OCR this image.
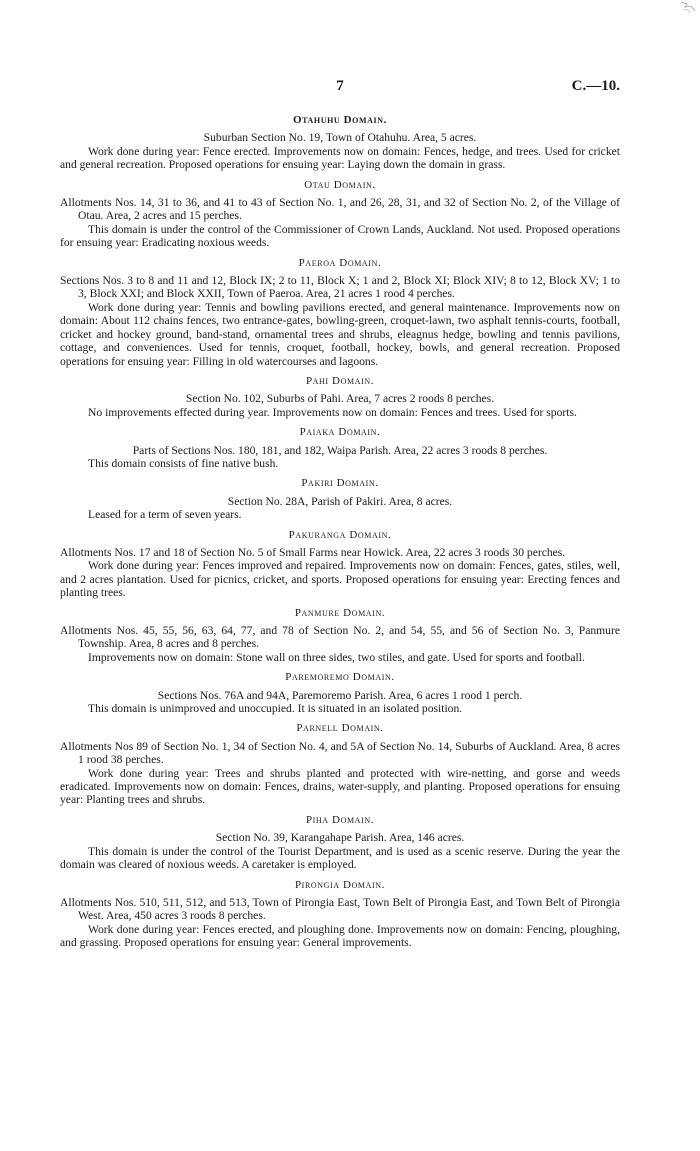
7	C.—10.
Otahuhu Domain.

Suburban Section No. 19, Town of Otahuhu. Area, 5 acres.

Work done during year: Fence erected. Improvements now on domain: Fences, hedge, and trees. Used for cricket and general recreation. Proposed operations for ensuing year: Laying down the domain in grass.

Otau Domain.

Allotments Nos. 14, 31 to 36, and 41 to 43 of Section No. 1, and 26, 28, 31, and 32 of Section No. 2, of the Village of Otau. Area, 2 acres and 15 perches.

This domain is under the control of the Commissioner of Crown Lands, Auckland. Not used. Proposed operations for ensuing year: Eradicating noxious weeds.

Paeroa Domain.

Sections Nos. 3 to 8 and 11 and 12, Block IX; 2 to 11, Block X; 1 and 2, Block XI; Block XIV; 8 to 12, Block XV; 1 to 3, Block XXI; and Block XXII, Town of Paeroa. Area, 21 acres 1 rood 4 perches.

Work done during year: Tennis and bowling pavilions erected, and general maintenance. Improvements now on domain: About 112 chains fences, two entrance-gates, bowling-green, croquet-lawn, two asphalt tennis-courts, football, cricket and hockey ground, band-stand, ornamental trees and shrubs, eleagnus hedge, bowling and tennis pavilions, cottage, and conveniences. Used for tennis, croquet, football, hockey, bowls, and general recreation. Proposed operations for ensuing year: Filling in old watercourses and lagoons.

Pahi Domain.

Section No. 102, Suburbs of Pahi. Area, 7 acres 2 roods 8 perches.

No improvements effected during year. Improvements now on domain: Fences and trees. Used for sports.

Paiaka Domain.

Parts of Sections Nos. 180, 181, and 182, Waipa Parish. Area, 22 acres 3 roods 8 perches.

This domain consists of fine native bush.

Pakiri Domain.

Section No. 28A, Parish of Pakiri. Area, 8 acres.

Leased for a term of seven years.

Pakuranga Domain.

Allotments Nos. 17 and 18 of Section No. 5 of Small Farms near Howick. Area, 22 acres 3 roods 30 perches.

Work done during year: Fences improved and repaired. Improvements now on domain: Fences, gates, stiles, well, and 2 acres plantation. Used for picnics, cricket, and sports. Proposed operations for ensuing year: Erecting fences and planting trees.

Panmure Domain.

Allotments Nos. 45, 55, 56, 63, 64, 77, and 78 of Section No. 2, and 54, 55, and 56 of Section No. 3, Panmure Township. Area, 8 acres and 8 perches.

Improvements now on domain: Stone wall on three sides, two stiles, and gate. Used for sports and football.

Paremoremo Domain.

Sections Nos. 76A and 94A, Paremoremo Parish. Area, 6 acres 1 rood 1 perch.

This domain is unimproved and unoccupied. It is situated in an isolated position.

Parnell Domain.

Allotments Nos 89 of Section No. 1, 34 of Section No. 4, and 5A of Section No. 14, Suburbs of Auckland. Area, 8 acres 1 rood 38 perches.

Work done during year: Trees and shrubs planted and protected with wire-netting, and gorse and weeds eradicated. Improvements now on domain: Fences, drains, water-supply, and planting. Proposed operations for ensuing year: Planting trees and shrubs.

Piha Domain.

Section No. 39, Karangahape Parish. Area, 146 acres.

This domain is under the control of the Tourist Department, and is used as a scenic reserve. During the year the domain was cleared of noxious weeds. A caretaker is employed.

Pirongia Domain.

Allotments Nos. 510, 511, 512, and 513, Town of Pirongia East, Town Belt of Pirongia East, and Town Belt of Pirongia West. Area, 450 acres 3 roods 8 perches.

Work done during year: Fences erected, and ploughing done. Improvements now on domain: Fencing, ploughing, and grassing. Proposed operations for ensuing year: General improvements.
